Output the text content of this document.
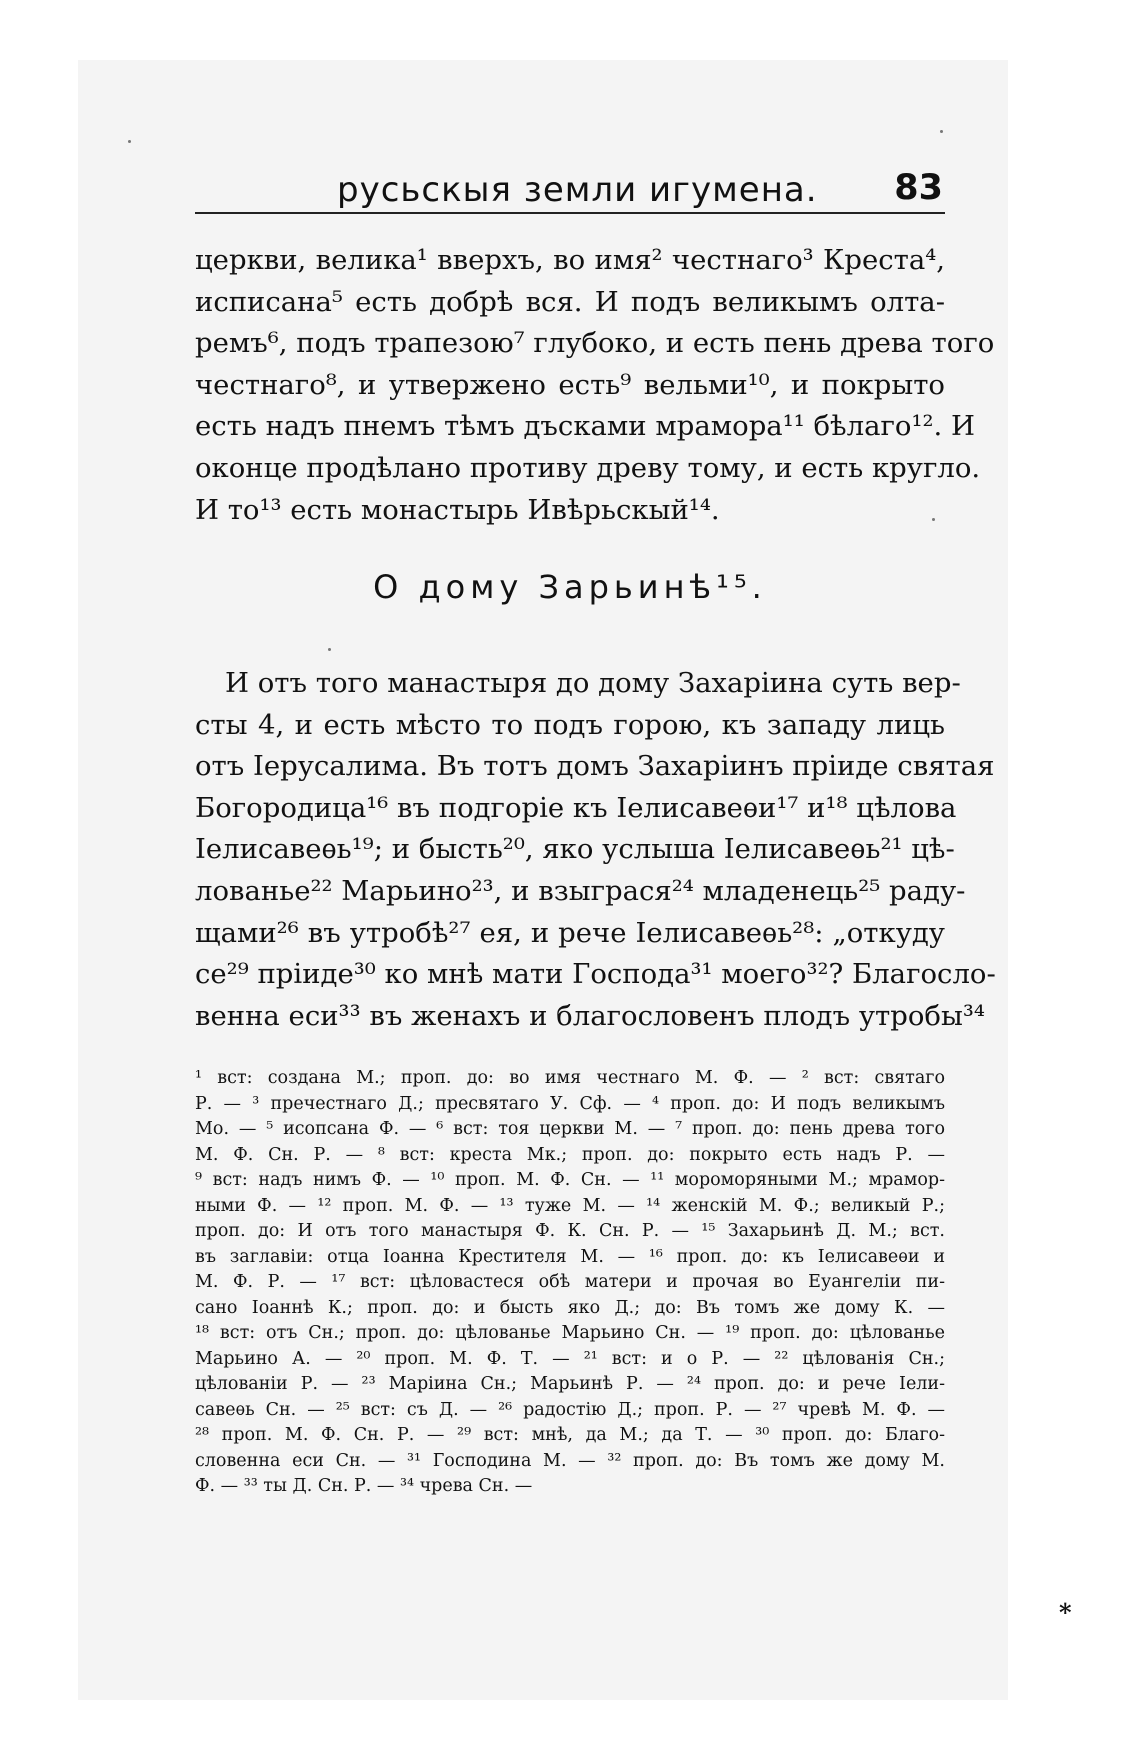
русьскыя земли игумена. 83
церкви, велика¹ вверхъ, во имя² честнаго³ Креста⁴,
исписана⁵ есть добрѣ вся. И подъ великымъ олта-
ремъ⁶, подъ трапезою⁷ глубоко, и есть пень древа того
честнаго⁸, и утвержено есть⁹ вельми¹⁰, и покрыто
есть надъ пнемъ тѣмъ дъсками мрамора¹¹ бѣлаго¹². И
оконце продѣлано противу древу тому, и есть кругло.
И то¹³ есть монастырь Ивѣрьскый¹⁴.
О дому Зарьинѣ¹⁵.
И отъ того манастыря до дому Захаріина суть вер-
сты 4, и есть мѣсто то подъ горою, къ западу лиць
отъ Іерусалима. Въ тотъ домъ Захаріинъ пріиде святая
Богородица¹⁶ въ подгоріе къ Іелисавеѳи¹⁷ и¹⁸ цѣлова
Іелисавеѳь¹⁹; и бысть²⁰, яко услыша Іелисавеѳь²¹ цѣ-
лованье²² Марьино²³, и взыграся²⁴ младенець²⁵ раду-
щами²⁶ въ утробѣ²⁷ ея, и рече Іелисавеѳь²⁸: „откуду
се²⁹ пріиде³⁰ ко мнѣ мати Господа³¹ моего³²? Благосло-
венна еси³³ въ женахъ и благословенъ плодъ утробы³⁴
¹ вст: создана М.; проп. до: во имя честнаго М. Ф. — ² вст: святаго
Р. — ³ пречестнаго Д.; пресвятаго У. Сф. — ⁴ проп. до: И подъ великымъ
Мо. — ⁵ исопсана Ф. — ⁶ вст: тоя церкви М. — ⁷ проп. до: пень древа того
М. Ф. Сн. Р. — ⁸ вст: креста Мк.; проп. до: покрыто есть надъ Р. —
⁹ вст: надъ нимъ Ф. — ¹⁰ проп. М. Ф. Сн. — ¹¹ мороморяными М.; мрамор-
ными Ф. — ¹² проп. М. Ф. — ¹³ туже М. — ¹⁴ женскій М. Ф.; великый Р.;
проп. до: И отъ того манастыря Ф. К. Сн. Р. — ¹⁵ Захарьинѣ Д. М.; вст.
въ заглавіи: отца Іоанна Крестителя М. — ¹⁶ проп. до: къ Іелисавеѳи и
М. Ф. Р. — ¹⁷ вст: цѣловастеся обѣ матери и прочая во Еуангеліи пи-
сано Іоаннѣ К.; проп. до: и бысть яко Д.; до: Въ томъ же дому К. —
¹⁸ вст: отъ Сн.; проп. до: цѣлованье Марьино Сн. — ¹⁹ проп. до: цѣлованье
Марьино А. — ²⁰ проп. М. Ф. Т. — ²¹ вст: и о Р. — ²² цѣлованія Сн.;
цѣлованіи Р. — ²³ Маріина Сн.; Марьинѣ Р. — ²⁴ проп. до: и рече Іели-
савеѳь Сн. — ²⁵ вст: съ Д. — ²⁶ радостію Д.; проп. Р. — ²⁷ чревѣ М. Ф. —
²⁸ проп. М. Ф. Сн. Р. — ²⁹ вст: мнѣ, да М.; да Т. — ³⁰ проп. до: Благо-
словенна еси Сн. — ³¹ Господина М. — ³² проп. до: Въ томъ же дому М.
Ф. — ³³ ты Д. Сн. Р. — ³⁴ чрева Сн. —
*
